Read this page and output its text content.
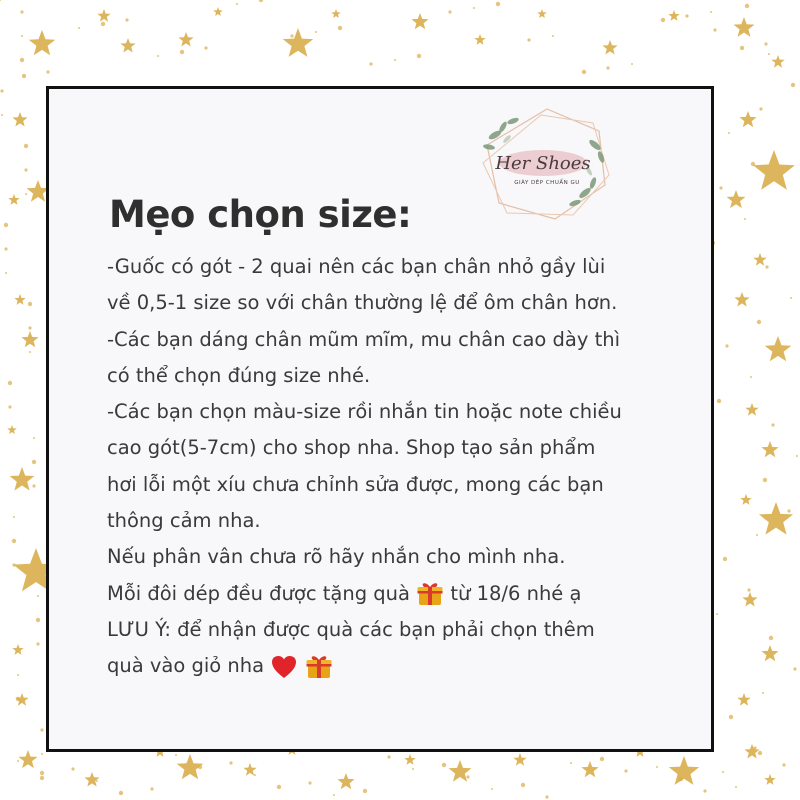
Her Shoes
GIÀY DÉP CHUẨN GU
Mẹo chọn size:
-Guốc có gót - 2 quai nên các bạn chân nhỏ gầy lùi
về 0,5-1 size so với chân thường lệ để ôm chân hơn.
-Các bạn dáng chân mũm mĩm, mu chân cao dày thì
có thể chọn đúng size nhé.
-Các bạn chọn màu-size rồi nhắn tin hoặc note chiều
cao gót(5-7cm) cho shop nha. Shop tạo sản phẩm
hơi lỗi một xíu chưa chỉnh sửa được, mong các bạn
thông cảm nha.
Nếu phân vân chưa rõ hãy nhắn cho mình nha.
Mỗi đôi dép đều được tặng quà từ 18/6 nhé ạ
LƯU Ý: để nhận được quà các bạn phải chọn thêm
quà vào giỏ nha
